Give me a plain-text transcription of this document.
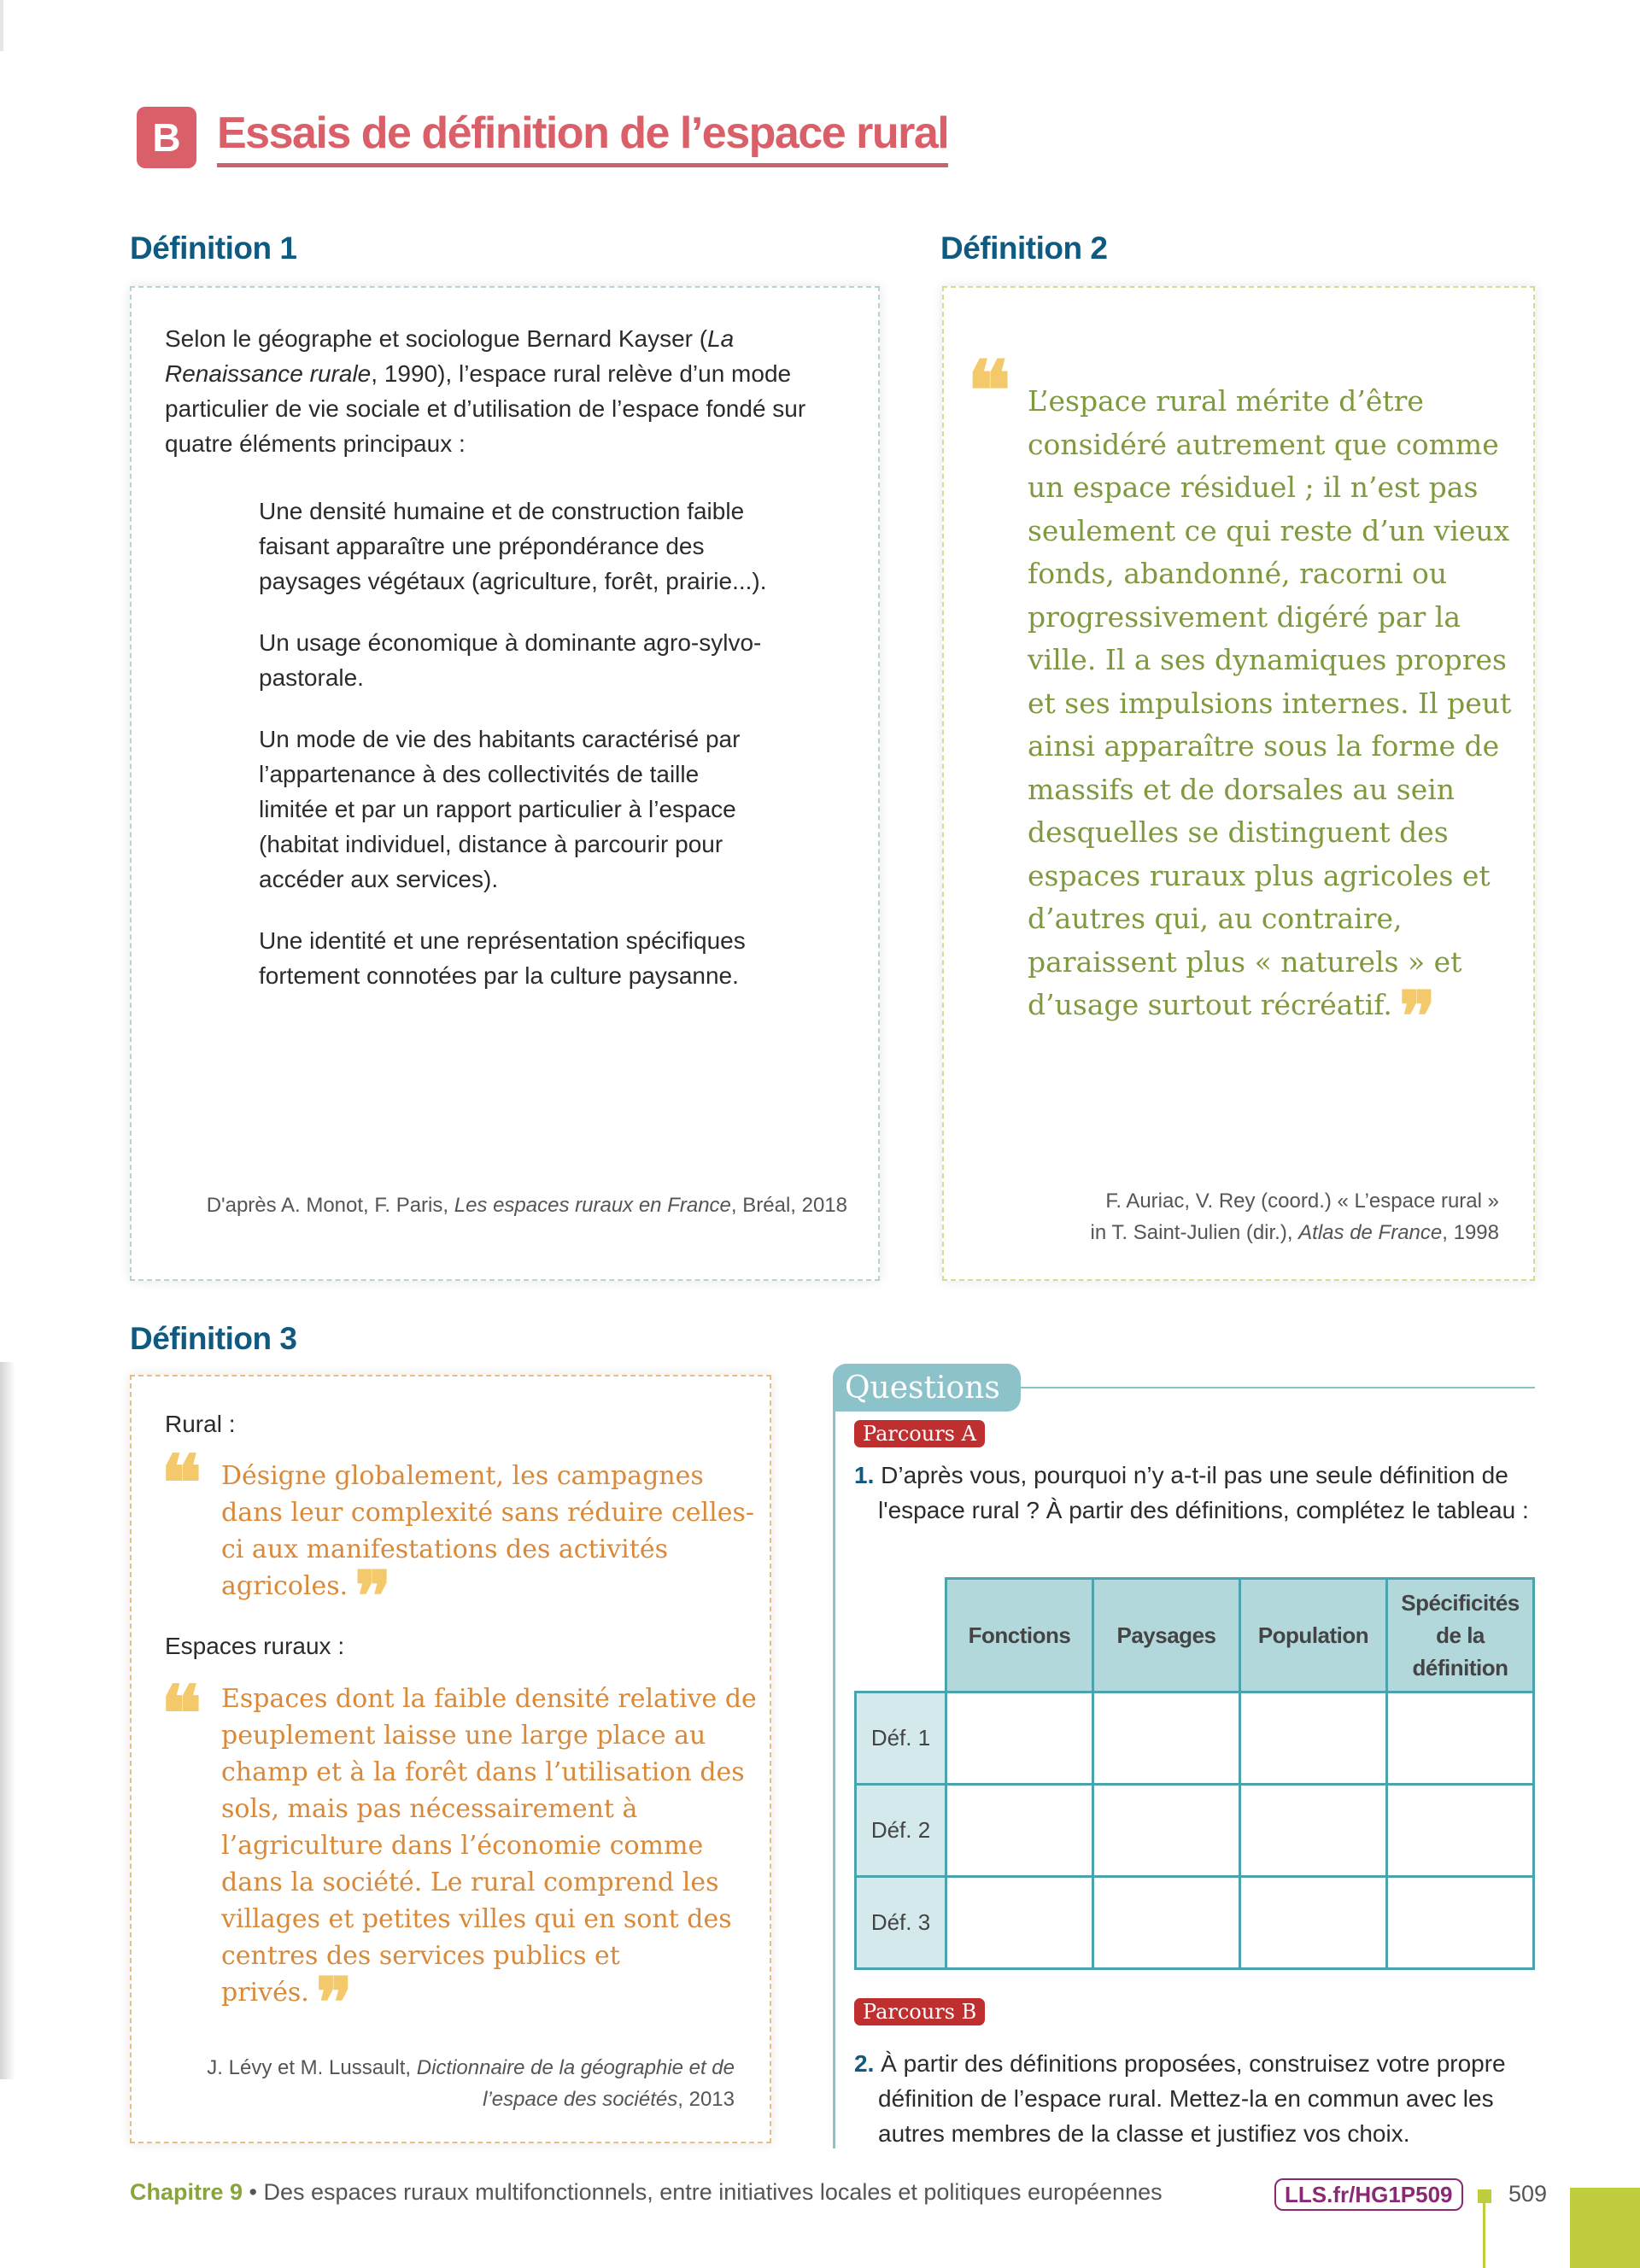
B Essais de définition de l’espace rural
Définition 1

Selon le géographe et sociologue Bernard Kayser (La Renaissance rurale, 1990), l’espace rural relève d’un mode particulier de vie sociale et d’utilisation de l’espace fondé sur quatre éléments principaux :

Une densité humaine et de construction faible faisant apparaître une prépondérance des paysages végétaux (agriculture, forêt, prairie...).
Un usage économique à dominante agro-sylvo-pastorale.
Un mode de vie des habitants caractérisé par l’appartenance à des collectivités de taille limitée et par un rapport particulier à l’espace (habitat individuel, distance à parcourir pour accéder aux services).
Une identité et une représentation spécifiques fortement connotées par la culture paysanne.

D'après A. Monot, F. Paris, Les espaces ruraux en France, Bréal, 2018

Définition 2
❝ L’espace rural mérite d’être considéré autrement que comme un espace résiduel ; il n’est pas seulement ce qui reste d’un vieux fonds, abandonné, racorni ou progressivement digéré par la ville. Il a ses dynamiques propres et ses impulsions internes. Il peut ainsi apparaître sous la forme de massifs et de dorsales au sein desquelles se distinguent des espaces ruraux plus agricoles et d’autres qui, au contraire, paraissent plus « naturels » et d’usage surtout récréatif. ❞

F. Auriac, V. Rey (coord.) « L’espace rural »
in T. Saint-Julien (dir.), Atlas de France, 1998
Définition 3
Rural :
❝ Désigne globalement, les campagnes dans leur complexité sans réduire celles-ci aux manifestations des activités agricoles. ❞

Espaces ruraux :
❝ Espaces dont la faible densité relative de peuplement laisse une large place au champ et à la forêt dans l’utilisation des sols, mais pas nécessairement à l’agriculture dans l’économie comme dans la société. Le rural comprend les villages et petites villes qui en sont des centres des services publics et privés. ❞

J. Lévy et M. Lussault, Dictionnaire de la géographie et de l’espace des sociétés, 2013

Questions
Parcours A

1. D’après vous, pourquoi n’y a-t-il pas une seule définition de l'espace rural ? À partir des définitions, complétez le tableau :

	Fonctions	Paysages	Population	Spécificités de la définition
Déf. 1				
Déf. 2				
Déf. 3				
Parcours B

2. À partir des définitions proposées, construisez votre propre définition de l’espace rural. Mettez-la en commun avec les autres membres de la classe et justifiez vos choix.

Chapitre 9 • Des espaces ruraux multifonctionnels, entre initiatives locales et politiques européennes	LLS.fr/HG1P509	509
